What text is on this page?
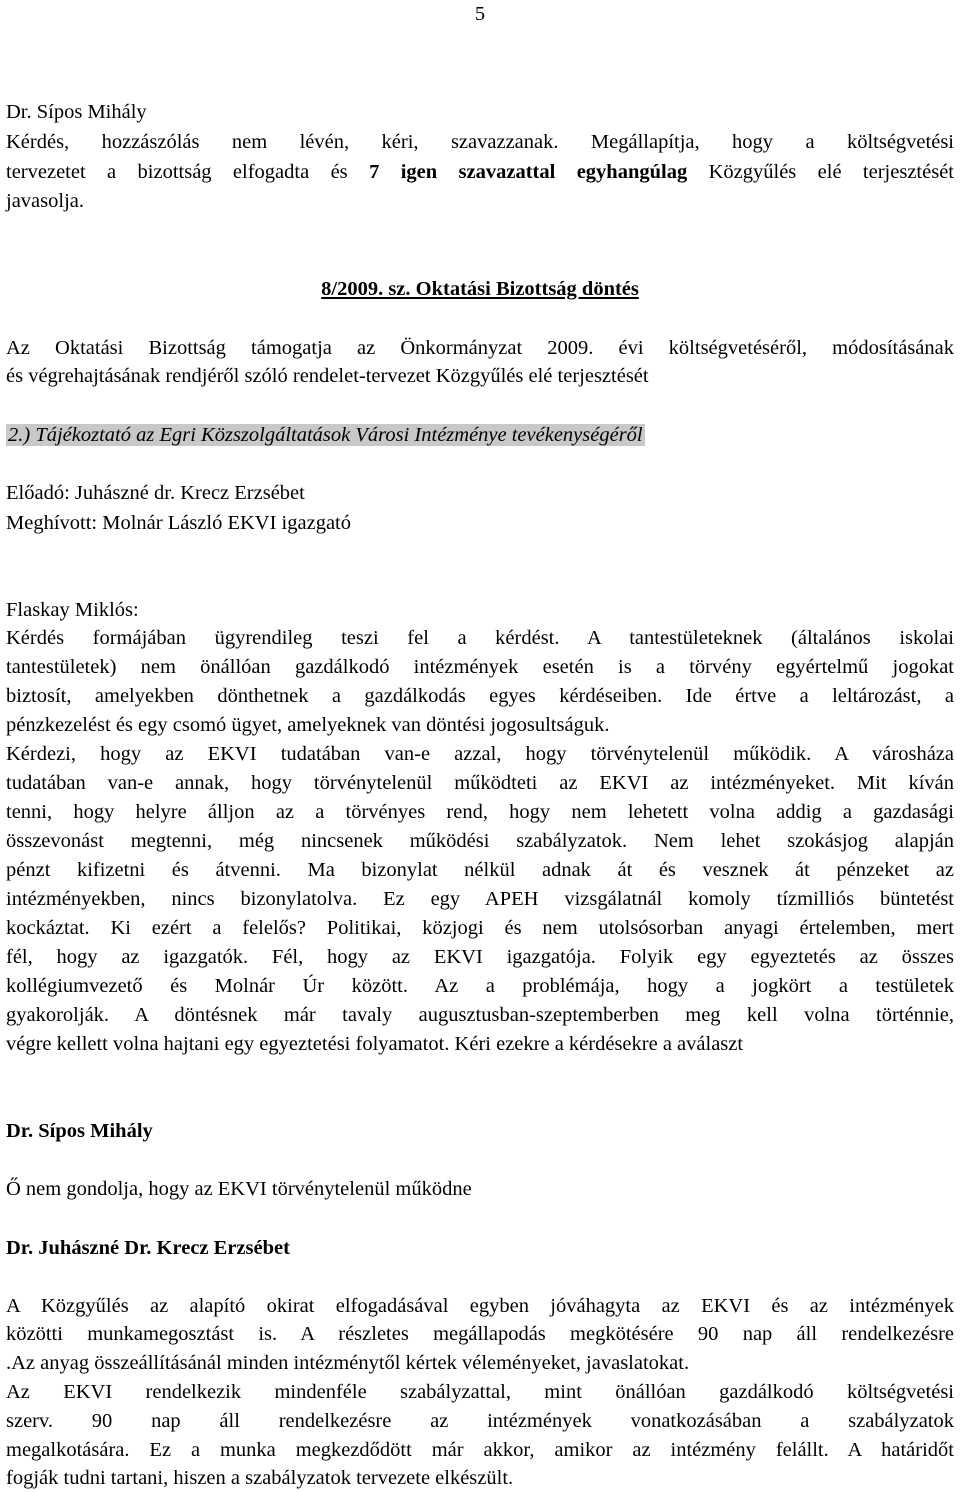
5
Dr. Sípos Mihály
Kérdés, hozzászólás nem lévén, kéri, szavazzanak. Megállapítja, hogy a költségvetési
tervezetet a bizottság elfogadta és 7 igen szavazattal egyhangúlag Közgyűlés elé terjesztését
javasolja.
8/2009. sz. Oktatási Bizottság döntés
Az Oktatási Bizottság támogatja az Önkormányzat 2009. évi költségvetéséről, módosításának
és végrehajtásának rendjéről szóló rendelet-tervezet Közgyűlés elé terjesztését
2.) Tájékoztató az Egri Közszolgáltatások Városi Intézménye tevékenységéről
Előadó: Juhászné dr. Krecz Erzsébet
Meghívott: Molnár László EKVI igazgató
Flaskay Miklós:
Kérdés formájában ügyrendileg teszi fel a kérdést. A tantestületeknek (általános iskolai
tantestületek) nem önállóan gazdálkodó intézmények esetén is a törvény egyértelmű jogokat
biztosít, amelyekben dönthetnek a gazdálkodás egyes kérdéseiben. Ide értve a leltározást, a
pénzkezelést és egy csomó ügyet, amelyeknek van döntési jogosultságuk.
Kérdezi, hogy az EKVI tudatában van-e azzal, hogy törvénytelenül működik. A városháza
tudatában van-e annak, hogy törvénytelenül működteti az EKVI az intézményeket. Mit kíván
tenni, hogy helyre álljon az a törvényes rend, hogy nem lehetett volna addig a gazdasági
összevonást megtenni, még nincsenek működési szabályzatok. Nem lehet szokásjog alapján
pénzt kifizetni és átvenni. Ma bizonylat nélkül adnak át és vesznek át pénzeket az
intézményekben, nincs bizonylatolva. Ez egy APEH vizsgálatnál komoly tízmilliós büntetést
kockáztat. Ki ezért a felelős? Politikai, közjogi és nem utolsósorban anyagi értelemben, mert
fél, hogy az igazgatók. Fél, hogy az EKVI igazgatója. Folyik egy egyeztetés az összes
kollégiumvezető és Molnár Úr között. Az a problémája, hogy a jogkört a testületek
gyakorolják. A döntésnek már tavaly augusztusban-szeptemberben meg kell volna történnie,
végre kellett volna hajtani egy egyeztetési folyamatot. Kéri ezekre a kérdésekre a aválaszt
Dr. Sípos Mihály
Ő nem gondolja, hogy az EKVI törvénytelenül működne
Dr. Juhászné Dr. Krecz Erzsébet
A Közgyűlés az alapító okirat elfogadásával egyben jóváhagyta az EKVI és az intézmények
közötti munkamegosztást is. A részletes megállapodás megkötésére 90 nap áll rendelkezésre
.Az anyag összeállításánál minden intézménytől kértek véleményeket, javaslatokat.
Az EKVI rendelkezik mindenféle szabályzattal, mint önállóan gazdálkodó költségvetési
szerv. 90 nap áll rendelkezésre az intézmények vonatkozásában a szabályzatok
megalkotására. Ez a munka megkezdődött már akkor, amikor az intézmény felállt. A határidőt
fogják tudni tartani, hiszen a szabályzatok tervezete elkészült.
